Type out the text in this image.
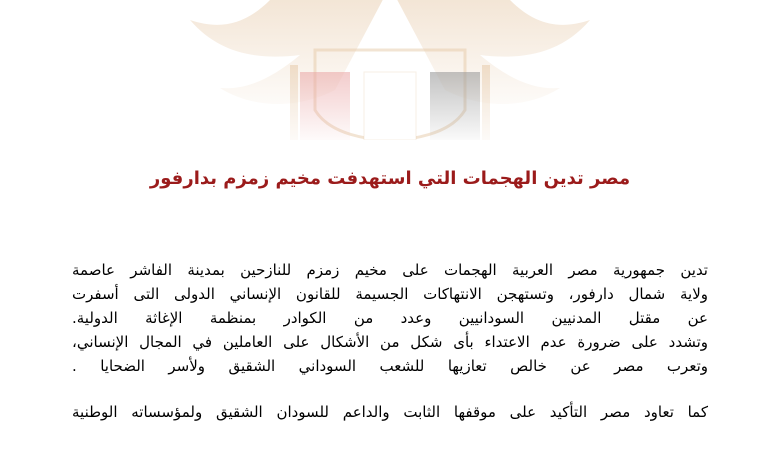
مصر تدين الهجمات التي استهدفت مخيم زمزم بدارفور
تدين جمهورية مصر العربية الهجمات على مخيم زمزم للنازحين بمدينة الفاشر عاصمة
ولاية شمال دارفور، وتستهجن الانتهاكات الجسيمة للقانون الإنساني الدولى التى أسفرت
عن مقتل المدنيين السودانيين وعدد من الكوادر بمنظمة الإغاثة الدولية.
وتشدد على ضرورة عدم الاعتداء بأى شكل من الأشكال على العاملين في المجال الإنساني،
وتعرب مصر عن خالص تعازيها للشعب السوداني الشقيق ولأسر الضحايا .
كما تعاود مصر التأكيد على موقفها الثابت والداعم للسودان الشقيق ولمؤسساته الوطنية
